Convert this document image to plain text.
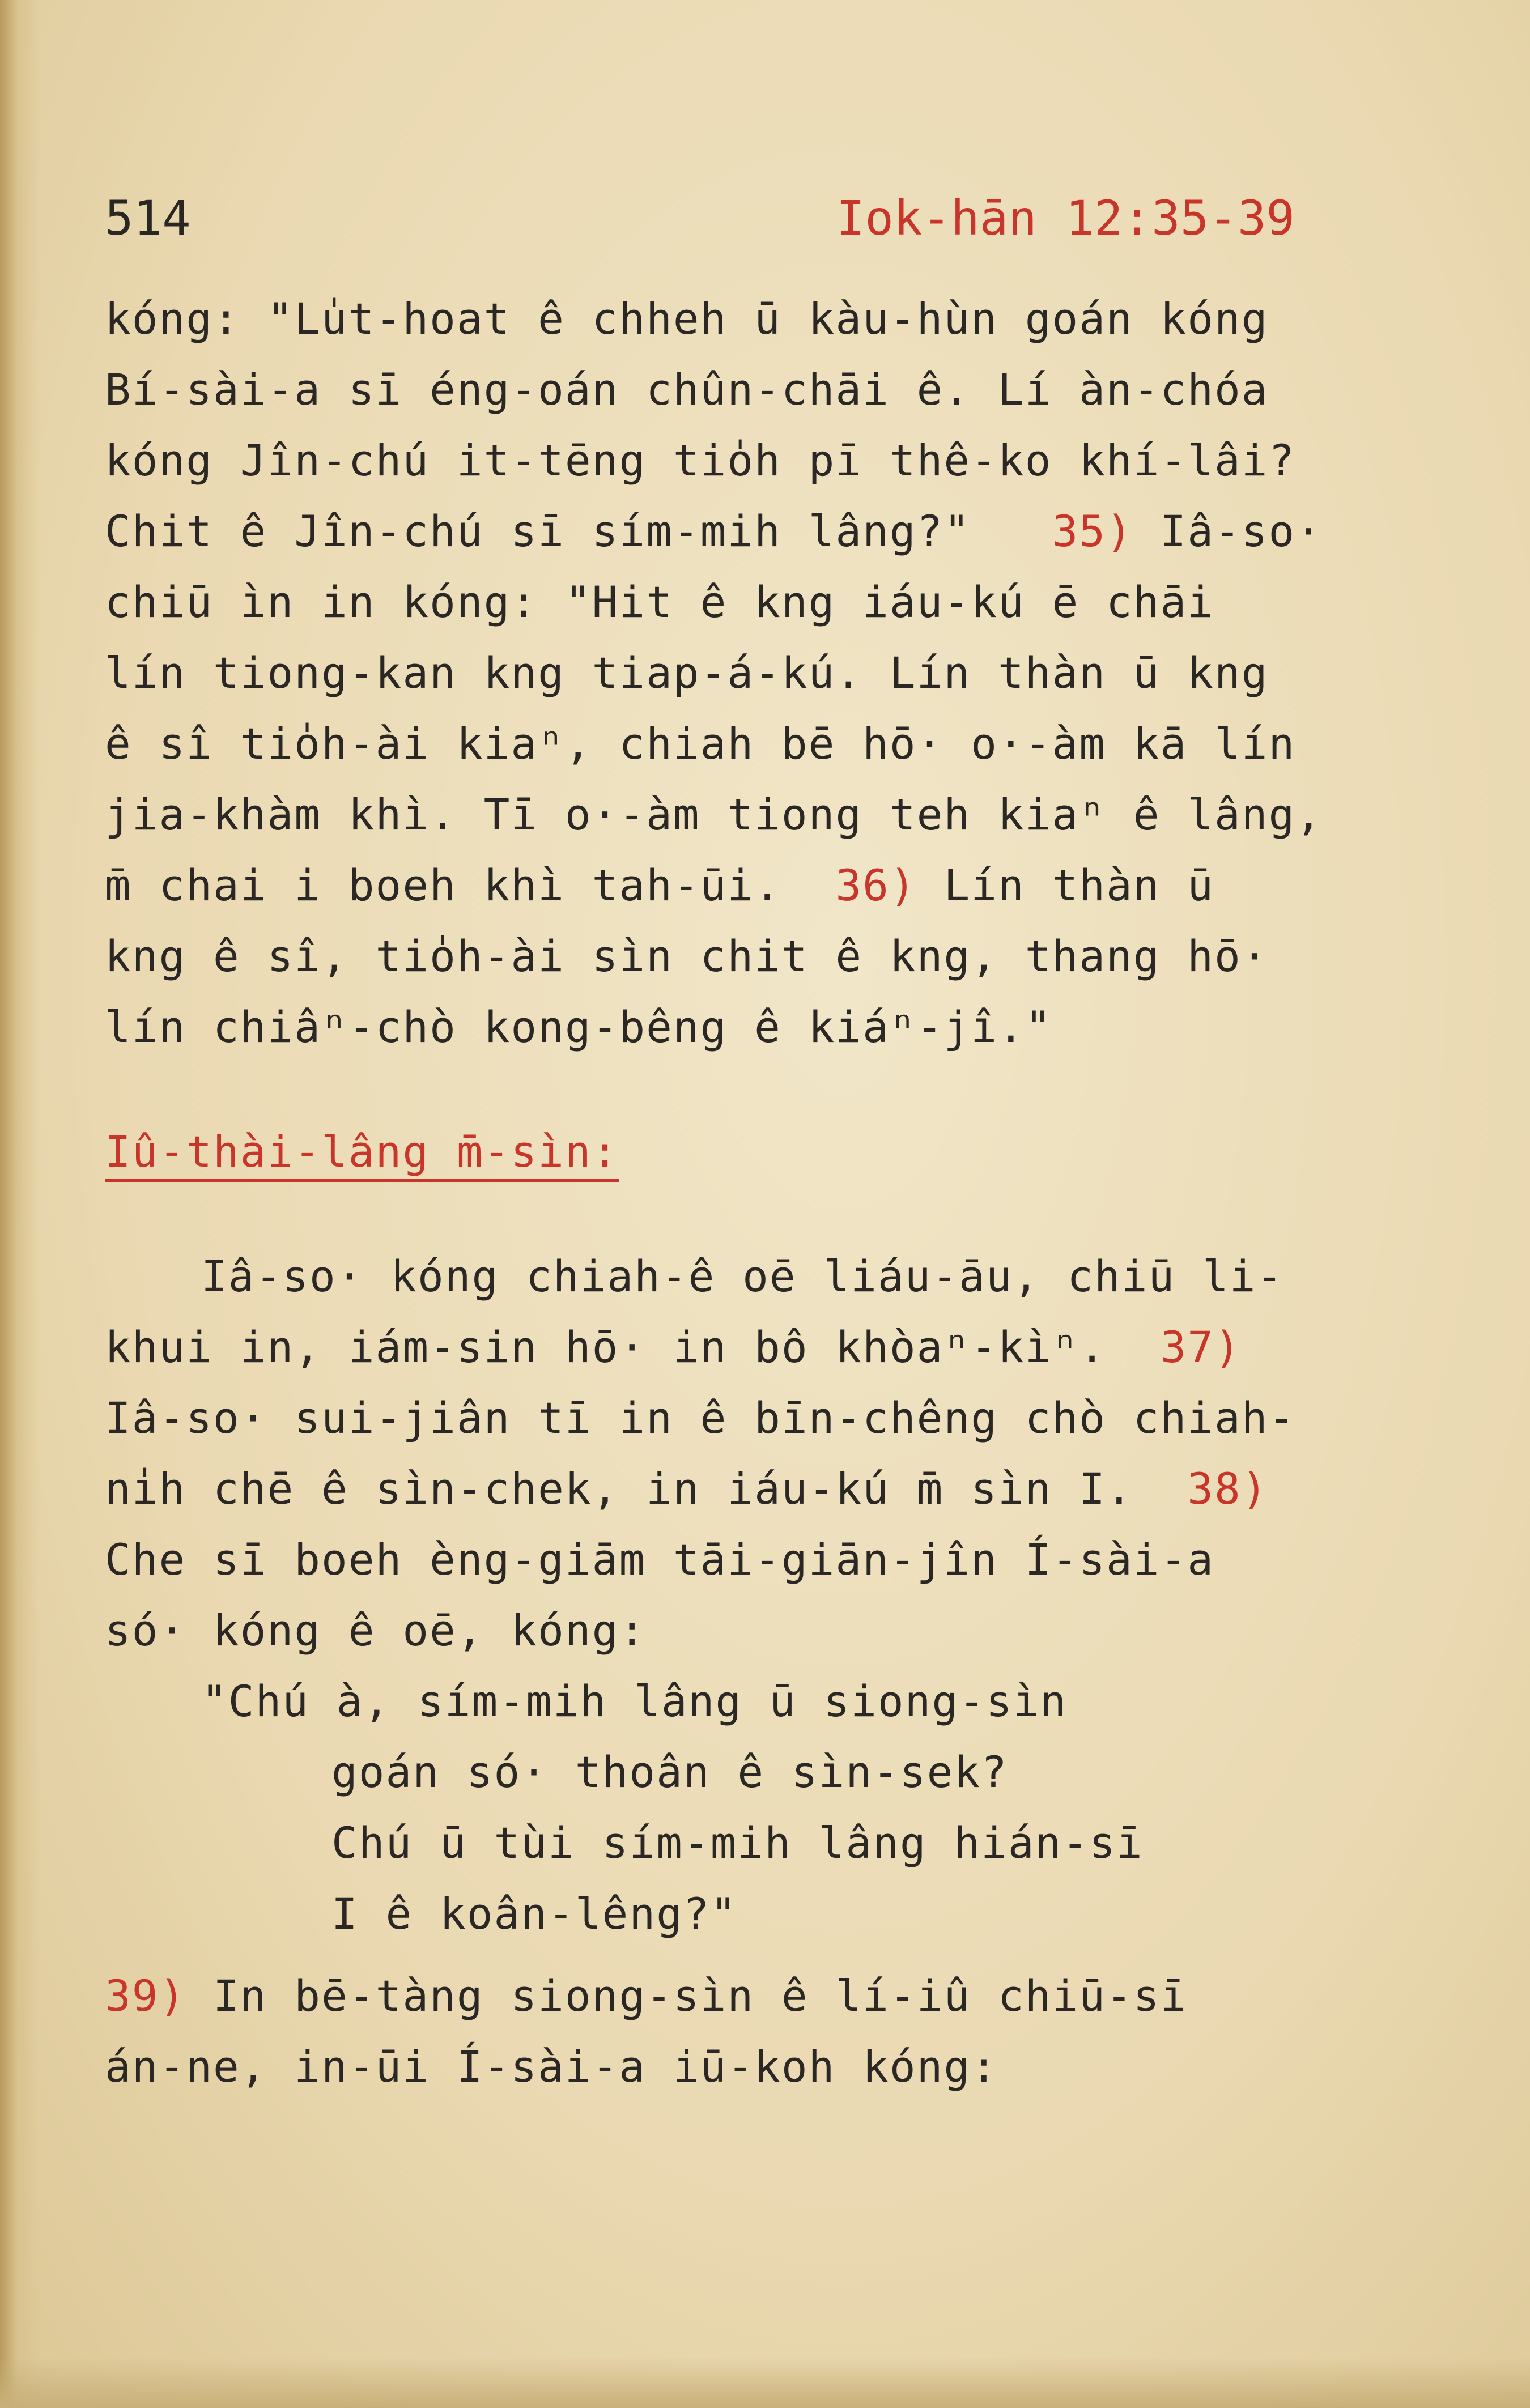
514	Iok-hān 12:35-39
kóng: "Lu̍t-hoat ê chheh ū kàu-hùn goán kóng
Bí-sài-a sī éng-oán chûn-chāi ê. Lí àn-chóa
kóng Jîn-chú it-tēng tio̍h pī thê-ko khí-lâi?
Chit ê Jîn-chú sī sím-mih lâng?" 35) Iâ-so·
chiū ìn in kóng: "Hit ê kng iáu-kú ē chāi
lín tiong-kan kng tiap-á-kú. Lín thàn ū kng
ê sî tio̍h-ài kiaⁿ, chiah bē hō· o·-àm kā lín
jia-khàm khì. Tī o·-àm tiong teh kiaⁿ ê lâng,
m̄ chai i boeh khì tah-ūi. 36) Lín thàn ū
kng ê sî, tio̍h-ài sìn chit ê kng, thang hō·
lín chiâⁿ-chò kong-bêng ê kiáⁿ-jî."
Iû-thài-lâng m̄-sìn:
Iâ-so· kóng chiah-ê oē liáu-āu, chiū li-
khui in, iám-sin hō· in bô khòaⁿ-kìⁿ. 37)
Iâ-so· sui-jiân tī in ê bīn-chêng chò chiah-
ni̍h chē ê sìn-chek, in iáu-kú m̄ sìn I. 38)
Che sī boeh èng-giām tāi-giān-jîn Í-sài-a
só· kóng ê oē, kóng:
"Chú à, sím-mih lâng ū siong-sìn
goán só· thoân ê sìn-sek?
Chú ū tùi sím-mih lâng hián-sī
I ê koân-lêng?"
39) In bē-tàng siong-sìn ê lí-iû chiū-sī
án-ne, in-ūi Í-sài-a iū-koh kóng:
